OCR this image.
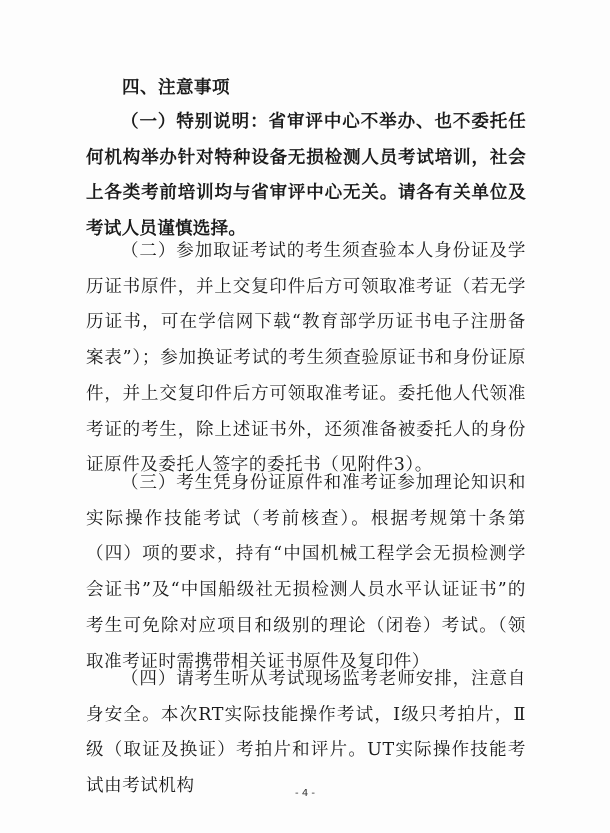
四、注意事项

（一）特别说明：省审评中心不举办、也不委托任何机构举办针对特种设备无损检测人员考试培训，社会上各类考前培训均与省审评中心无关。请各有关单位及考试人员谨慎选择。

（二）参加取证考试的考生须查验本人身份证及学历证书原件，并上交复印件后方可领取准考证（若无学历证书，可在学信网下载“教育部学历证书电子注册备案表”）；参加换证考试的考生须查验原证书和身份证原件，并上交复印件后方可领取准考证。委托他人代领准考证的考生，除上述证书外，还须准备被委托人的身份证原件及委托人签字的委托书（见附件3）。

（三）考生凭身份证原件和准考证参加理论知识和实际操作技能考试（考前核查）。根据考规第十条第（四）项的要求，持有“中国机械工程学会无损检测学会证书”及“中国船级社无损检测人员水平认证证书”的考生可免除对应项目和级别的理论（闭卷）考试。（领取准考证时需携带相关证书原件及复印件）

（四）请考生听从考试现场监考老师安排，注意自身安全。本次RT实际技能操作考试，Ⅰ级只考拍片，Ⅱ级（取证及换证）考拍片和评片。UT实际操作技能考试由考试机构	- 4 -
